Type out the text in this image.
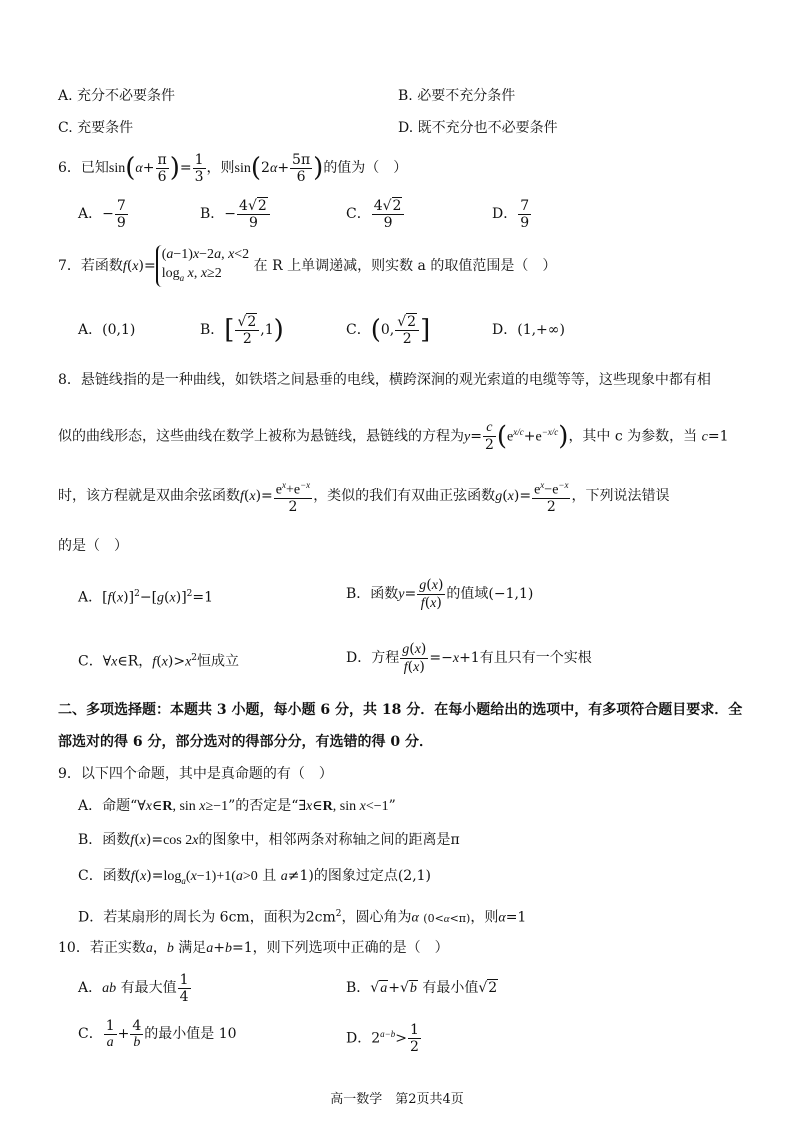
A. 充分不必要条件	B. 必要不充分条件
C. 充要条件	D. 既不充分也不必要条件
6．已知$\sin(\alpha+ \frac{\pi}{6}$ )= $\frac{1}{3}$ ，则$\sin(2\alpha+ \frac{5\pi}{6}$ )的值为（　）
A．− $\frac{7}{9}$	B．− $\frac{4√2}{9}$	C． $\frac{4√2}{9}$	D． $\frac{7}{9}$
7．若函数f(x)=(a−1)x−2a, x<2
$\log_a x$, x≥2 在 R 上单调递减，则实数 a 的取值范围是（　）
A．(0,1)	B．[ $\frac{√2}{2} ,1$)	C．(0, $\frac{√2}{2}$ ]	D．(1,+∞)
8．悬链线指的是一种曲线，如铁塔之间悬垂的电线，横跨深涧的观光索道的电缆等等，这些现象中都有相
似的曲线形态，这些曲线在数学上被称为悬链线，悬链线的方程为$y= \frac{c}{2} (e^{x/c}+e^{-x/c})$，其中 c 为参数，当 c=1
时，该方程就是双曲余弦函数$f(x)= \frac{e^x+e^{-x}}{2}$ ，类似的我们有双曲正弦函数$g(x)= \frac{e^x-e^{-x}}{2}$ ，下列说法错误
的是（　）
A．$[f(x)]^2-[g(x)]^2=1$	B．函数$y= \frac{g(x)}{f(x)}$ 的值域(−1,1)
C．∀x∈R，$f(x)>x^2$恒成立	D．方程 $\frac{g(x)}{f(x)} =-x+1$有且只有一个实根
二、多项选择题：本题共 3 小题，每小题 6 分，共 18 分．在每小题给出的选项中，有多项符合题目要求．全
部选对的得 6 分，部分选对的得部分分，有选错的得 0 分．
9．以下四个命题，其中是真命题的有（　）
A．命题“∀x∈R, sin x≥−1”的否定是“∃x∈R, sin x<−1”
B．函数f(x)=cos 2x的图象中，相邻两条对称轴之间的距离是π
C．函数$f(x)=\log_a(x-1)+1(a>0$ 且 a≠1)的图象过定点(2,1)
D．若某扇形的周长为 6cm，面积为$2cm^2$，圆心角为α (0<α<π)，则α=1
10．若正实数a，b 满足a+b=1，则下列选项中正确的是（　）
A．ab 有最大值 $\frac{1}{4}$	B．√a+√b 有最小值√2
C． $\frac{1}{a} + \frac{4}{b}$ 的最小值是 10	D．$2^{a-b}> \frac{1}{2}$
高一数学　第2页共4页
